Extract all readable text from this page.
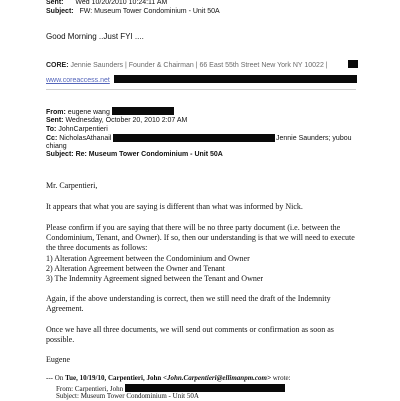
Sent: Wed 10/20/2010 10:24:11 AM
Subject: FW: Museum Tower Condominium - Unit 50A
Good Morning ..Just FYI ....
CORE: Jennie Saunders | Founder & Chairman | 66 East 55th Street New York NY 10022 |
www.coreaccess.net
From: eugene wang
Sent: Wednesday, October 20, 2010 2:07 AM
To: JohnCarpentieri
Cc: NicholasAthanail	Jennie Saunders; yubou
chiang
Subject: Re: Museum Tower Condominium - Unit 50A
Mr. Carpentieri,
It appears that what you are saying is different than what was informed by Nick.
Please confirm if you are saying that there will be no three party document (i.e. between the Condominium, Tenant, and Owner). If so, then our understanding is that we will need to execute the three documents as follows:
1) Alteration Agreement between the Condominium and Owner
2) Alteration Agreement between the Owner and Tenant
3) The Indemnity Agreement signed between the Tenant and Owner
Again, if the above understanding is correct, then we still need the draft of the Indemnity Agreement.
Once we have all three documents, we will send out comments or confirmation as soon as possible.
Eugene
--- On Tue, 10/19/10, Carpentieri, John <John.Carpentieri@ellimanpm.com> wrote:
From: Carpentieri, John
Subject: Museum Tower Condominium - Unit 50A
